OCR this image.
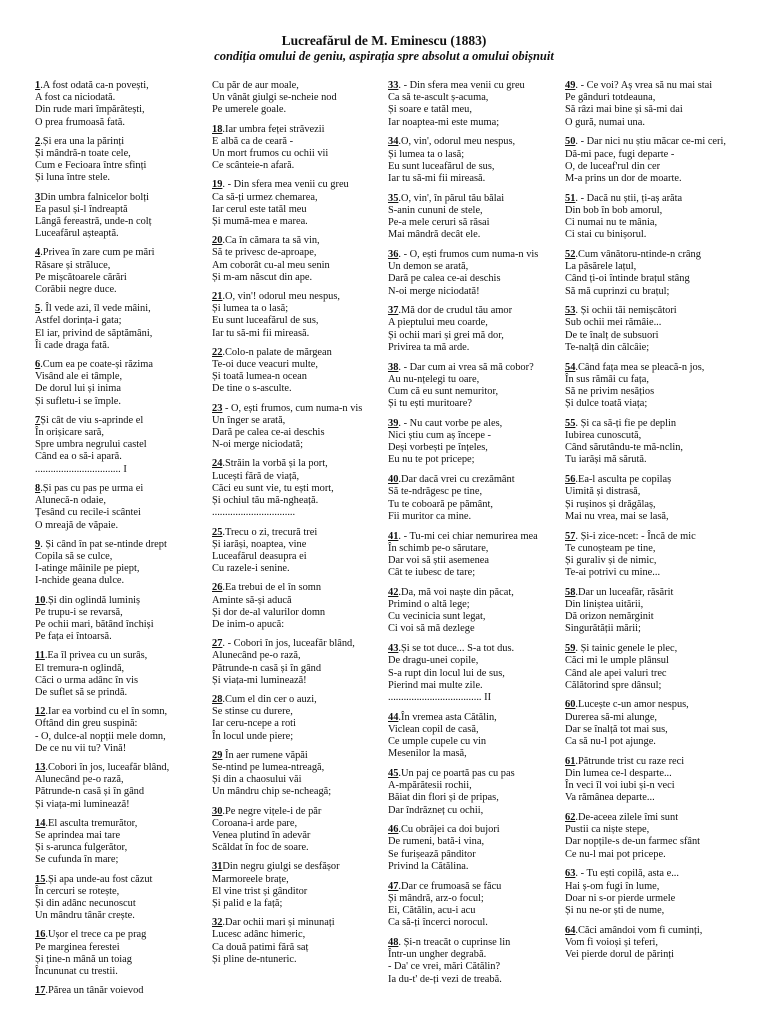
Lucreafărul de M. Eminescu (1883)
condiția omului de geniu, aspirația spre absolut a omului obișnuit
1.A fost odată ca-n povești,
A fost ca niciodată.
Din rude mari împărătești,
O prea frumoasă fată.
2.Și era una la părinți
Și mândră-n toate cele,
Cum e Fecioara între sfinți
Și luna între stele.
3Din umbra falnicelor bolți
Ea pasul și-l îndreaptă
Lângă fereastră, unde-n colț
Luceafărul așteaptă.
4.Privea în zare cum pe mări
Răsare și strălucе,
Pe mișcătoarele cărări
Corăbii negre duce.
5. Îl vede azi, îl vede mâini,
Astfel dorința-i gata;
El iar, privind de săptămâni,
Îi cade draga fată.
6.Cum ea pe coate-și răzima
Visând ale ei tâmple,
De dorul lui și inima
Și sufletu-i se împle.
7Și cât de viu s-aprinde el
În orișicare sară,
Spre umbra negrului castel
Când ea o să-i apară.
................................. I
8.Și pas cu pas pe urma ei
Alunecă-n odaie,
Țesând cu recile-i scântei
O mreajă de văpaie.
9. Și când în pat se-ntinde drept
Copila să se culce,
I-atinge mâinile pe piept,
I-nchide geana dulce.
10.Și din oglindă luminiș
Pe trupu-i se revarsă,
Pe ochii mari, bătând închiși
Pe fața ei întoarsă.
11.Ea îl privea cu un surâs,
El tremura-n oglindă,
Căci o urma adânc în vis
De suflet să se prindă.
12.Iar ea vorbind cu el în somn,
Oftând din greu suspină:
- O, dulce-al nopții mele domn,
De ce nu vii tu? Vină!
13.Cobori în jos, luceafăr blând,
Alunecând pe-o rază,
Pătrunde-n casă și în gând
Și viața-mi luminează!
14.El asculta tremurător,
Se aprindea mai tare
Și s-arunca fulgerător,
Se cufunda în mare;
15.Și apa unde-au fost căzut
În cercuri se rotește,
Și din adânc necunoscut
Un mândru tânăr crește.
16.Ușor el trece ca pe prag
Pe marginea ferestei
Și ține-n mână un toiag
Încununat cu trestii.
17.Părea un tânăr voievod
Cu păr de aur moale,
Un vânăt giulgi se-ncheie nod
Pe umerele goale.
18.Iar umbra feței străvezii
E albă ca de ceară -
Un mort frumos cu ochii vii
Ce scânteie-n afară.
19. - Din sfera mea venii cu greu
Ca să-ți urmez chemarea,
Iar cerul este tatăl meu
Și mumă-mea e marea.
20.Ca în cămara ta să vin,
Să te privesc de-aproape,
Am coborât cu-al meu senin
Și m-am născut din ape.
21.O, vin'! odorul meu nespus,
Și lumea ta o lasă;
Eu sunt luceafărul de sus,
Iar tu să-mi fii mireasă.
22.Colo-n palate de mărgean
Te-oi duce veacuri multe,
Și toată lumea-n ocean
De tine o s-asculte.
23 - O, ești frumos, cum numa-n vis
Un înger se arată,
Dară pe calea ce-ai deschis
N-oi merge niciodată;
24.Străin la vorbă și la port,
Lucești fără de viață,
Căci eu sunt vie, tu ești mort,
Și ochiul tău mă-ngheață.
................................
25.Trecu o zi, trecură trei
Și iarăși, noaptea, vine
Luceafărul deasupra ei
Cu razele-i senine.
26.Ea trebui de el în somn
Aminte să-și aducă
Și dor de-al valurilor domn
De inim-o apucă:
27. - Cobori în jos, luceafăr blând,
Alunecând pe-o rază,
Pătrunde-n casă și în gând
Și viața-mi luminează!
28.Cum el din cer o auzi,
Se stinse cu durere,
Iar ceru-ncepe a roti
În locul unde piere;
29 În aer rumene văpăi
Se-ntind pe lumea-ntreagă,
Și din a chaosului văi
Un mândru chip se-ncheagă;
30.Pe negre vițele-i de păr
Coroana-i arde pare,
Venea plutind în adevăr
Scăldat în foc de soare.
31Din negru giulgi se desfășor
Marmoreele brațe,
El vine trist și gânditor
Și palid e la față;
32.Dar ochii mari și minunați
Lucesc adânc himeric,
Ca două patimi fără saț
Și pline de-ntuneric.
33. - Din sfera mea venii cu greu
Ca să te-ascult ș-acuma,
Și soare e tatăl meu,
Iar noaptea-mi este muma;
34.O, vin', odorul meu nespus,
Și lumea ta o lasă;
Eu sunt luceafărul de sus,
Iar tu să-mi fii mireasă.
35.O, vin', în părul tău bălai
S-anin cununi de stele,
Pe-a mele ceruri să răsai
Mai mândră decât ele.
36. - O, ești frumos cum numa-n vis
Un demon se arată,
Dară pe calea ce-ai deschis
N-oi merge niciodată!
37.Mă dor de crudul tău amor
A pieptului meu coarde,
Și ochii mari și grei mă dor,
Privirea ta mă arde.
38. - Dar cum ai vrea să mă cobor?
Au nu-nțelegi tu oare,
Cum că eu sunt nemuritor,
Și tu ești muritoare?
39. - Nu caut vorbe pe ales,
Nici știu cum aș începe -
Deși vorbești pe înțeles,
Eu nu te pot pricepe;
40.Dar dacă vrei cu crezământ
Să te-ndrăgesc pe tine,
Tu te coboară pe pământ,
Fii muritor ca mine.
41. - Tu-mi cei chiar nemurirea mea
În schimb pe-o sărutare,
Dar voi să știi asemenea
Cât te iubesc de tare;
42.Da, mă voi naște din păcat,
Primind o altă lege;
Cu vecinicia sunt legat,
Ci voi să mă dezlege
43.Și se tot duce... S-a tot dus.
De dragu-unei copile,
S-a rupt din locul lui de sus,
Pierind mai multe zile.
.................................... II
44.În vremea asta Cătălin,
Viclean copil de casă,
Ce umple cupele cu vin
Mesenilor la masă,
45.Un paj ce poartă pas cu pas
A-mpărătesii rochii,
Băiat din flori și de pripas,
Dar îndrăzneț cu ochii,
46.Cu obrăjei ca doi bujori
De rumeni, bată-i vina,
Se furișează pânditor
Privind la Cătălina.
47.Dar ce frumoasă se făcu
Și mândră, arz-o focul;
Ei, Cătălin, acu-i acu
Ca să-ți încerci norocul.
48. Și-n treacăt o cuprinse lin
Într-un ungher degrabă.
- Da' ce vrei, mări Cătălin?
Ia du-t' de-ți vezi de treabă.
49. - Ce voi? Aș vrea să nu mai stai
Pe gânduri totdeauna,
Să râzi mai bine și să-mi dai
O gură, numai una.
50. - Dar nici nu știu măcar ce-mi ceri,
Dă-mi pace, fugi departe -
O, de luceaf'rul din cer
M-a prins un dor de moarte.
51. - Dacă nu știi, ți-aș arăta
Din bob în bob amorul,
Ci numai nu te mânia,
Ci stai cu binișorul.
52.Cum vânătoru-ntinde-n crâng
La păsărele lațul,
Când ți-oi întinde brațul stâng
Să mă cuprinzi cu brațul;
53. Și ochii tăi nemișcători
Sub ochii mei rămâie...
De te înalț de subsuori
Te-nalță din călcâie;
54.Când fața mea se pleacă-n jos,
În sus rămâi cu fața,
Să ne privim nesățios
Și dulce toată viața;
55. Și ca să-ți fie pe deplin
Iubirea cunoscută,
Când sărutându-te mă-nclin,
Tu iarăși mă sărută.
56.Ea-l asculta pe copilaș
Uimită și distrasă,
Și rușinos și drăgălaș,
Mai nu vrea, mai se lasă,
57. Și-i zice-ncet: - Încă de mic
Te cunoșteam pe tine,
Și guraliv și de nimic,
Te-ai potrivi cu mine...
58.Dar un luceafăr, răsărit
Din liniștea uitării,
Dă orizon nemărginit
Singurătății mării;
59. Și tainic genele le plec,
Căci mi le umple plânsul
Când ale apei valuri trec
Călătorind spre dânsul;
60.Lucește c-un amor nespus,
Durerea să-mi alunge,
Dar se înalță tot mai sus,
Ca să nu-l pot ajunge.
61.Pătrunde trist cu raze reci
Din lumea ce-l desparte...
În veci îl voi iubi și-n veci
Va rămânea departe...
62.De-aceea zilele îmi sunt
Pustii ca niște stepe,
Dar nopțile-s de-un farmec sfânt
Ce nu-l mai pot pricepe.
63. - Tu ești copilă, asta e...
Hai ș-om fugi în lume,
Doar ni s-or pierde urmele
Și nu ne-or ști de nume,
64.Căci amândoi vom fi cuminți,
Vom fi voioși și teferi,
Vei pierde dorul de părinți
